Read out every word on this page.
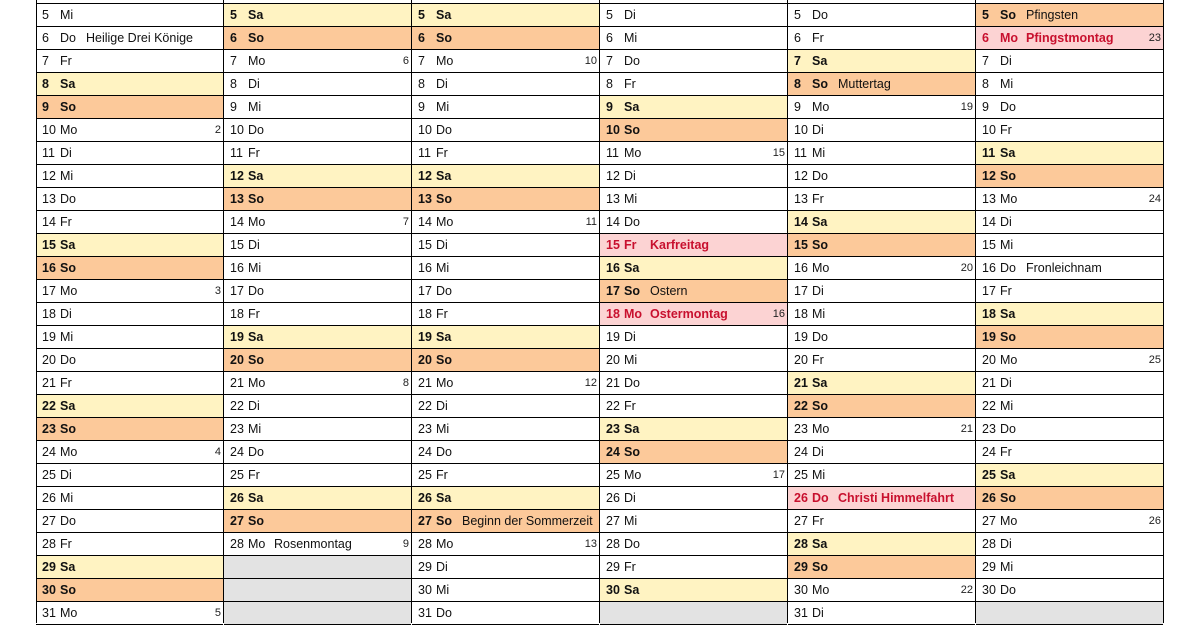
5 Mi
6 Do Heilige Drei Könige
7 Fr
8 Sa
9 So
10 Mo	2
11 Di
12 Mi
13 Do
14 Fr
15 Sa
16 So
17 Mo	3
18 Di
19 Mi
20 Do
21 Fr
22 Sa
23 So
24 Mo	4
25 Di
26 Mi
27 Do
28 Fr
29 Sa
30 So
31 Mo	5
5 Sa
6 So
7 Mo	6
8 Di
9 Mi
10 Do
11 Fr
12 Sa
13 So
14 Mo	7
15 Di
16 Mi
17 Do
18 Fr
19 Sa
20 So
21 Mo	8
22 Di
23 Mi
24 Do
25 Fr
26 Sa
27 So
28 Mo Rosenmontag	9
5 Sa
6 So
7 Mo	10
8 Di
9 Mi
10 Do
11 Fr
12 Sa
13 So
14 Mo	11
15 Di
16 Mi
17 Do
18 Fr
19 Sa
20 So
21 Mo	12
22 Di
23 Mi
24 Do
25 Fr
26 Sa
27 So Beginn der Sommerzeit
28 Mo	13
29 Di
30 Mi
31 Do
5 Di
6 Mi
7 Do
8 Fr
9 Sa
10 So
11 Mo	15
12 Di
13 Mi
14 Do
15 Fr Karfreitag
16 Sa
17 So Ostern
18 Mo Ostermontag	16
19 Di
20 Mi
21 Do
22 Fr
23 Sa
24 So
25 Mo	17
26 Di
27 Mi
28 Do
29 Fr
30 Sa
5 Do
6 Fr
7 Sa
8 So Muttertag
9 Mo	19
10 Di
11 Mi
12 Do
13 Fr
14 Sa
15 So
16 Mo	20
17 Di
18 Mi
19 Do
20 Fr
21 Sa
22 So
23 Mo	21
24 Di
25 Mi
26 Do Christi Himmelfahrt
27 Fr
28 Sa
29 So
30 Mo	22
31 Di
5 So Pfingsten
6 Mo Pfingstmontag	23
7 Di
8 Mi
9 Do
10 Fr
11 Sa
12 So
13 Mo	24
14 Di
15 Mi
16 Do Fronleichnam
17 Fr
18 Sa
19 So
20 Mo	25
21 Di
22 Mi
23 Do
24 Fr
25 Sa
26 So
27 Mo	26
28 Di
29 Mi
30 Do
